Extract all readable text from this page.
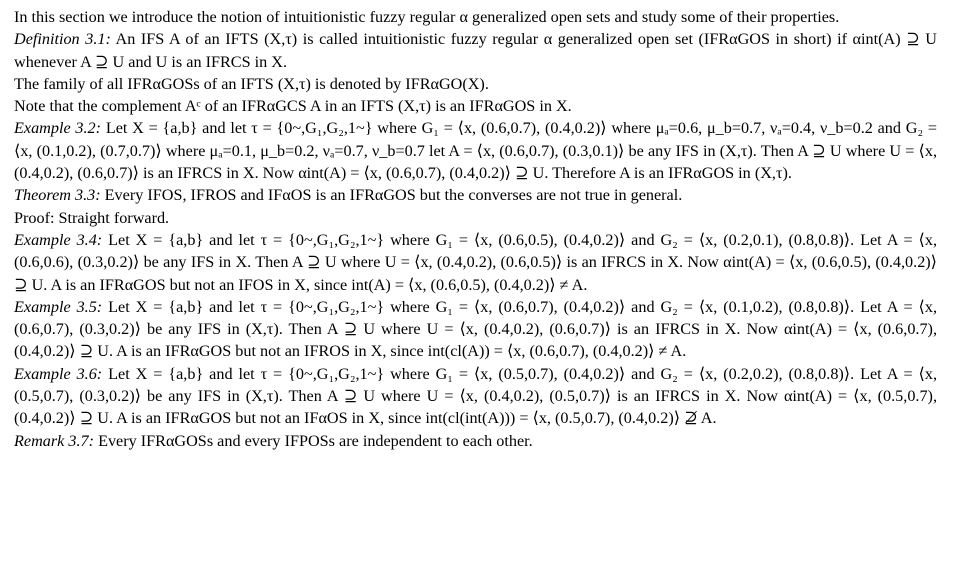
In this section we introduce the notion of intuitionistic fuzzy regular α generalized open sets and study some of their properties.

Definition 3.1: An IFS A of an IFTS (X,τ) is called intuitionistic fuzzy regular α generalized open set (IFRαGOS in short) if αint(A) ⊇ U whenever A ⊇ U and U is an IFRCS in X.

The family of all IFRαGOSs of an IFTS (X,τ) is denoted by IFRαGO(X).

Note that the complement Aᶜ of an IFRαGCS A in an IFTS (X,τ) is an IFRαGOS in X.

Example 3.2: Let X = {a,b} and let τ = {0~,G₁,G₂,1~} where G₁ = ⟨x, (0.6,0.7), (0.4,0.2)⟩ where μₐ=0.6, μ_b=0.7, νₐ=0.4, ν_b=0.2 and G₂ = ⟨x, (0.1,0.2), (0.7,0.7)⟩ where μₐ=0.1, μ_b=0.2, νₐ=0.7, ν_b=0.7 let A = ⟨x, (0.6,0.7), (0.3,0.1)⟩ be any IFS in (X,τ). Then A ⊇ U where U = ⟨x, (0.4,0.2), (0.6,0.7)⟩ is an IFRCS in X. Now αint(A) = ⟨x, (0.6,0.7), (0.4,0.2)⟩ ⊇ U. Therefore A is an IFRαGOS in (X,τ).

Theorem 3.3: Every IFOS, IFROS and IFαOS is an IFRαGOS but the converses are not true in general.

Proof: Straight forward.

Example 3.4: Let X = {a,b} and let τ = {0~,G₁,G₂,1~} where G₁ = ⟨x, (0.6,0.5), (0.4,0.2)⟩ and G₂ = ⟨x, (0.2,0.1), (0.8,0.8)⟩. Let A = ⟨x, (0.6,0.6), (0.3,0.2)⟩ be any IFS in X. Then A ⊇ U where U = ⟨x, (0.4,0.2), (0.6,0.5)⟩ is an IFRCS in X. Now αint(A) = ⟨x, (0.6,0.5), (0.4,0.2)⟩ ⊇ U. A is an IFRαGOS but not an IFOS in X, since int(A) = ⟨x, (0.6,0.5), (0.4,0.2)⟩ ≠ A.

Example 3.5: Let X = {a,b} and let τ = {0~,G₁,G₂,1~} where G₁ = ⟨x, (0.6,0.7), (0.4,0.2)⟩ and G₂ = ⟨x, (0.1,0.2), (0.8,0.8)⟩. Let A = ⟨x, (0.6,0.7), (0.3,0.2)⟩ be any IFS in (X,τ). Then A ⊇ U where U = ⟨x, (0.4,0.2), (0.6,0.7)⟩ is an IFRCS in X. Now αint(A) = ⟨x, (0.6,0.7), (0.4,0.2)⟩ ⊇ U. A is an IFRαGOS but not an IFROS in X, since int(cl(A)) = ⟨x, (0.6,0.7), (0.4,0.2)⟩ ≠ A.

Example 3.6: Let X = {a,b} and let τ = {0~,G₁,G₂,1~} where G₁ = ⟨x, (0.5,0.7), (0.4,0.2)⟩ and G₂ = ⟨x, (0.2,0.2), (0.8,0.8)⟩. Let A = ⟨x, (0.5,0.7), (0.3,0.2)⟩ be any IFS in (X,τ). Then A ⊇ U where U = ⟨x, (0.4,0.2), (0.5,0.7)⟩ is an IFRCS in X. Now αint(A) = ⟨x, (0.5,0.7), (0.4,0.2)⟩ ⊇ U. A is an IFRαGOS but not an IFαOS in X, since int(cl(int(A))) = ⟨x, (0.5,0.7), (0.4,0.2)⟩ ⊉ A.

Remark 3.7: Every IFRαGOSs and every IFPOSs are independent to each other.
